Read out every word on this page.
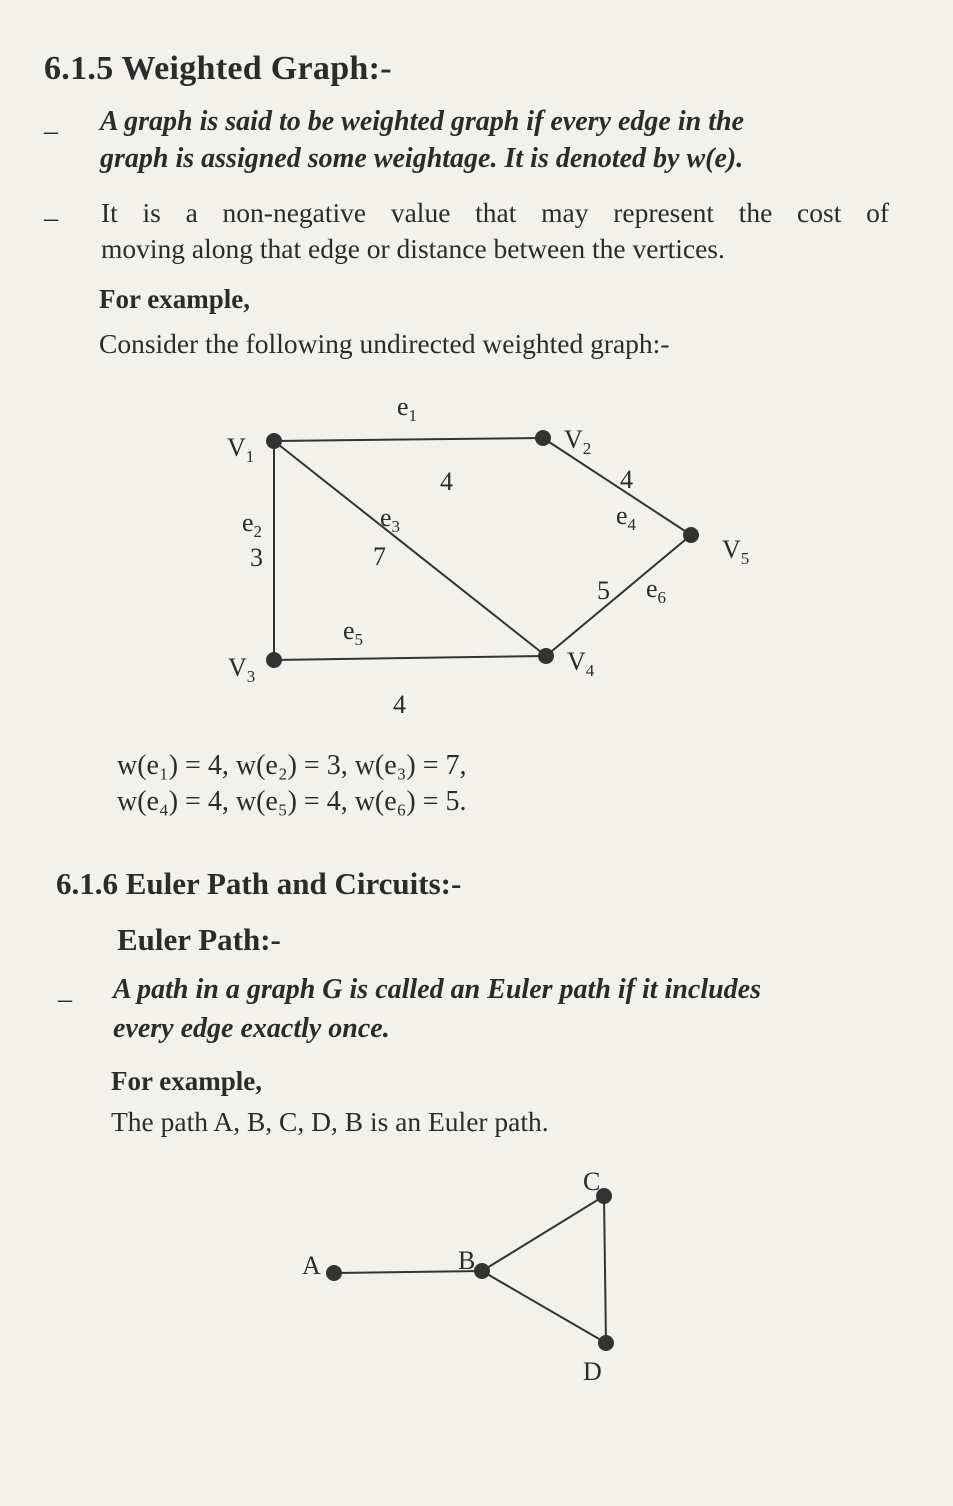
6.1.5 Weighted Graph:-
– A graph is said to be weighted graph if every edge in the
graph is assigned some weightage. It is denoted by w(e).
– It is a non-negative value that may represent the cost of
moving along that edge or distance between the vertices.
For example,
Consider the following undirected weighted graph:-
$V_1$
$V_2$
$V_3$
$V_4$
$V_5$
$e_1$
$e_2$	$e_3$	$e_4$
$e_5$
$e_6$
4
3	7
4
4
5
A	B
C
D
w(e₁) = 4, w(e₂) = 3, w(e₃) = 7,
w(e₄) = 4, w(e₅) = 4, w(e₆) = 5.
6.1.6 Euler Path and Circuits:-
Euler Path:-
– A path in a graph G is called an Euler path if it includes
every edge exactly once.
For example,
The path A, B, C, D, B is an Euler path.
